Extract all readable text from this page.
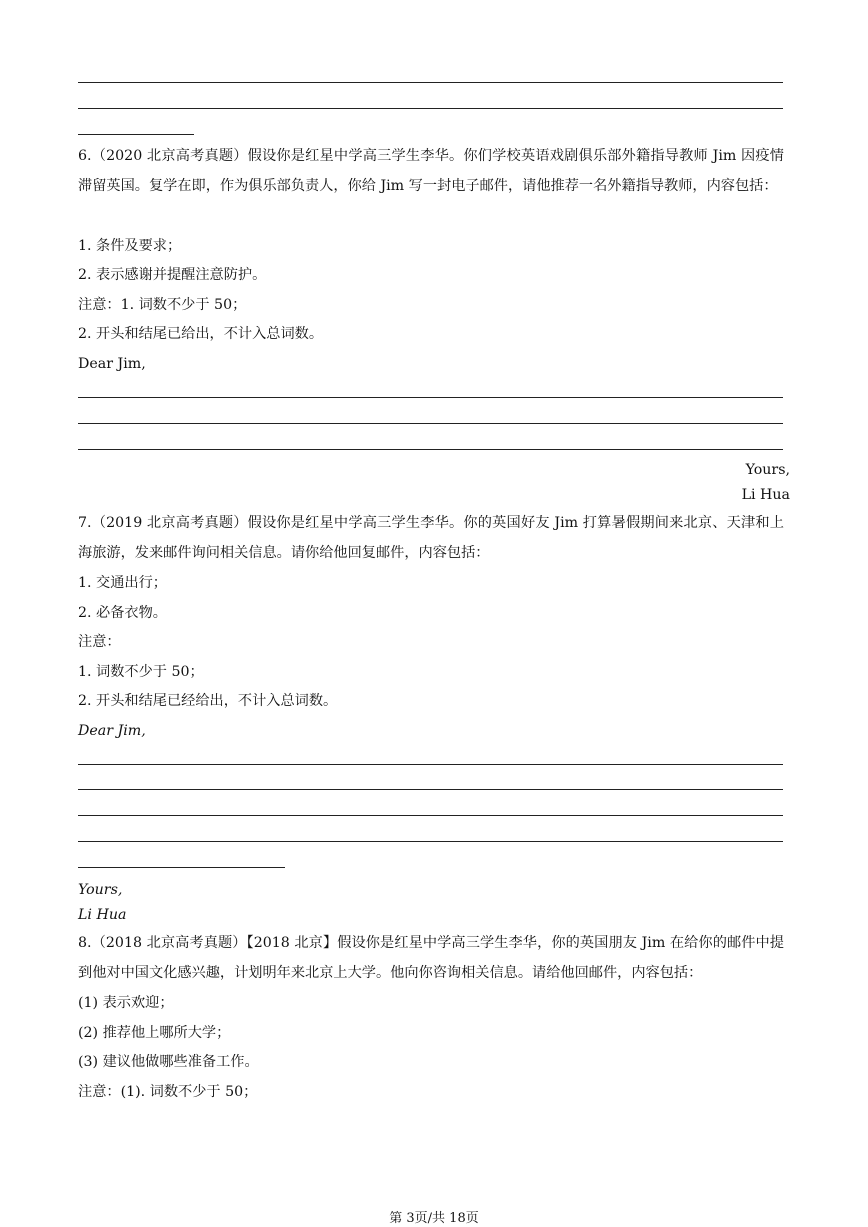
6.（2020 北京高考真题）假设你是红星中学高三学生李华。你们学校英语戏剧俱乐部外籍指导教师 Jim 因疫情滞留英国。复学在即，作为俱乐部负责人，你给 Jim 写一封电子邮件，请他推荐一名外籍指导教师，内容包括：
1. 条件及要求；
2. 表示感谢并提醒注意防护。
注意：1. 词数不少于 50；
2. 开头和结尾已给出，不计入总词数。
Dear Jim,
Yours,
Li Hua
7.（2019 北京高考真题）假设你是红星中学高三学生李华。你的英国好友 Jim 打算暑假期间来北京、天津和上海旅游，发来邮件询问相关信息。请你给他回复邮件，内容包括：
1. 交通出行；
2. 必备衣物。
注意：
1. 词数不少于 50；
2. 开头和结尾已经给出，不计入总词数。
Dear Jim,
Yours,
Li Hua
8.（2018 北京高考真题）【2018 北京】假设你是红星中学高三学生李华，你的英国朋友 Jim 在给你的邮件中提到他对中国文化感兴趣，计划明年来北京上大学。他向你咨询相关信息。请给他回邮件，内容包括：
(1) 表示欢迎；
(2) 推荐他上哪所大学；
(3) 建议他做哪些准备工作。
注意：(1). 词数不少于 50；
第 3页/共 18页
